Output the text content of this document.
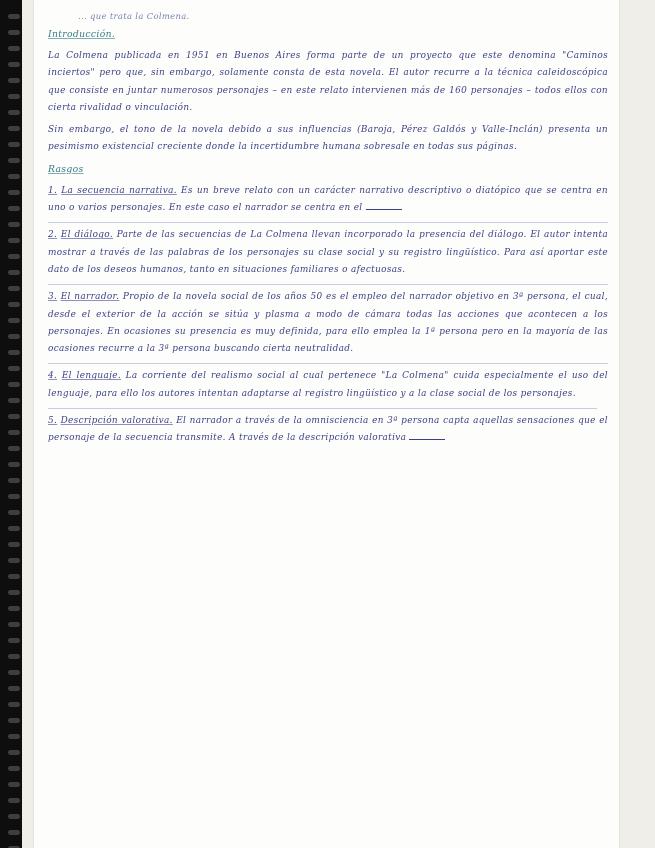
... que trata la Colmena.

Introducción.

La Colmena publicada en 1951 en Buenos Aires forma parte de un proyecto que este denomina "Caminos inciertos" pero que, sin embargo, solamente consta de esta novela. El autor recurre a la técnica caleidoscópica que consiste en juntar numerosos personajes – en este relato intervienen más de 160 personajes – todos ellos con cierta rivalidad o vinculación.

Sin embargo, el tono de la novela debido a sus influencias (Baroja, Pérez Galdós y Valle-Inclán) presenta un pesimismo existencial creciente donde la incertidumbre humana sobresale en todas sus páginas.

Rasgos

1. La secuencia narrativa. Es un breve relato con un carácter narrativo descriptivo o diatópico que se centra en uno o varios personajes. En este caso el narrador se centra en el

2. El diálogo. Parte de las secuencias de La Colmena llevan incorporado la presencia del diálogo. El autor intenta mostrar a través de las palabras de los personajes su clase social y su registro lingüístico. Para así aportar este dato de los deseos humanos, tanto en situaciones familiares o afectuosas.

3. El narrador. Propio de la novela social de los años 50 es el empleo del narrador objetivo en 3ª persona, el cual, desde el exterior de la acción se sitúa y plasma a modo de cámara todas las acciones que acontecen a los personajes. En ocasiones su presencia es muy definida, para ello emplea la 1ª persona pero en la mayoría de las ocasiones recurre a la 3ª persona buscando cierta neutralidad.

4. El lenguaje. La corriente del realismo social al cual pertenece "La Colmena" cuida especialmente el uso del lenguaje, para ello los autores intentan adaptarse al registro lingüístico y a la clase social de los personajes.

5. Descripción valorativa. El narrador a través de la omnisciencia en 3ª persona capta aquellas sensaciones que el personaje de la secuencia transmite. A través de la descripción valorativa
